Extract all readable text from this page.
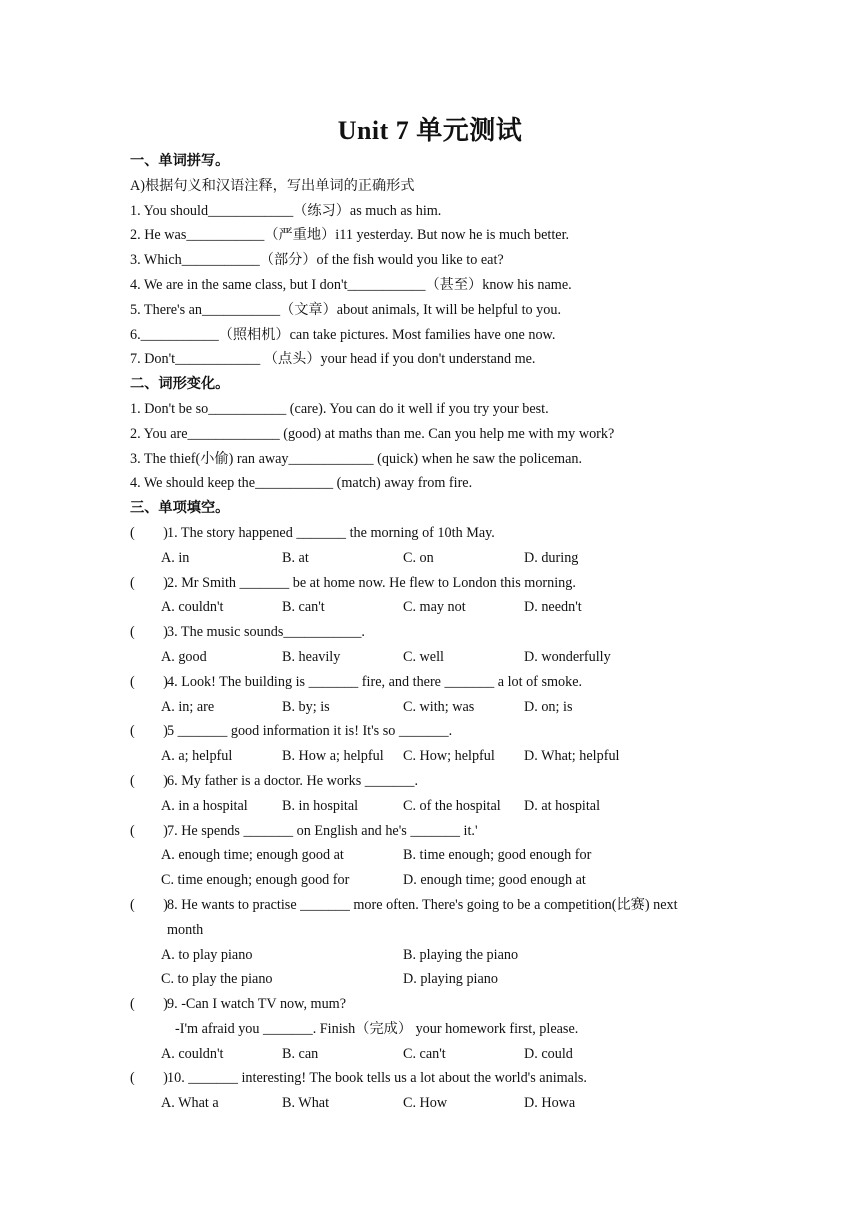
Unit 7 单元测试
一、单词拼写。
A)根据句义和汉语注释，写出单词的正确形式
1. You should____________（练习）as much as him.
2. He was___________（严重地）i11 yesterday. But now he is much better.
3. Which___________（部分）of the fish would you like to eat?
4. We are in the same class, but I don't___________（甚至）know his name.
5. There's an___________（文章）about animals, It will be helpful to you.
6.___________（照相机）can take pictures. Most families have one now.
7. Don't____________ （点头）your head if you don't understand me.
二、词形变化。
1. Don't be so___________ (care). You can do it well if you try your best.
2. You are_____________ (good) at maths than me. Can you help me with my work?
3. The thief(小偷) ran away____________ (quick) when he saw the policeman.
4. We should keep the___________ (match) away from fire.
三、单项填空。
(        ) 1. The story happened _______ the morning of 10th May.
A. in	B. at	C. on	D. during
(        ) 2. Mr Smith _______ be at home now. He flew to London this morning.
A. couldn't	B. can't	C. may not	D. needn't
(        ) 3. The music sounds___________.
A. good	B. heavily	C. well	D. wonderfully
(        ) 4. Look! The building is _______ fire, and there _______ a lot of smoke.
A. in; are	B. by; is	C. with; was	D. on; is
(        ) 5 _______ good information it is! It's so _______.
A. a; helpful	B. How a; helpful C. How; helpful D. What; helpful
(        ) 6. My father is a doctor. He works _______.
A. in a hospital B. in hospital	C. of the hospital D. at hospital
(        ) 7. He spends _______ on English and he's _______ it.'
A. enough time; enough good at	B. time enough; good enough for
C. time enough; enough good for	D. enough time; good enough at
(        ) 8. He wants to practise _______ more often. There's going to be a competition(比赛) next
month
A. to play piano	B. playing the piano
C. to play the piano	D. playing piano
(        ) 9. -Can I watch TV now, mum?
-I'm afraid you _______. Finish（完成） your homework first, please.
A. couldn't	B. can	C. can't	D. could
(        ) 10. _______ interesting! The book tells us a lot about the world's animals.
A. What a	B. What	C. How	D. Howa
